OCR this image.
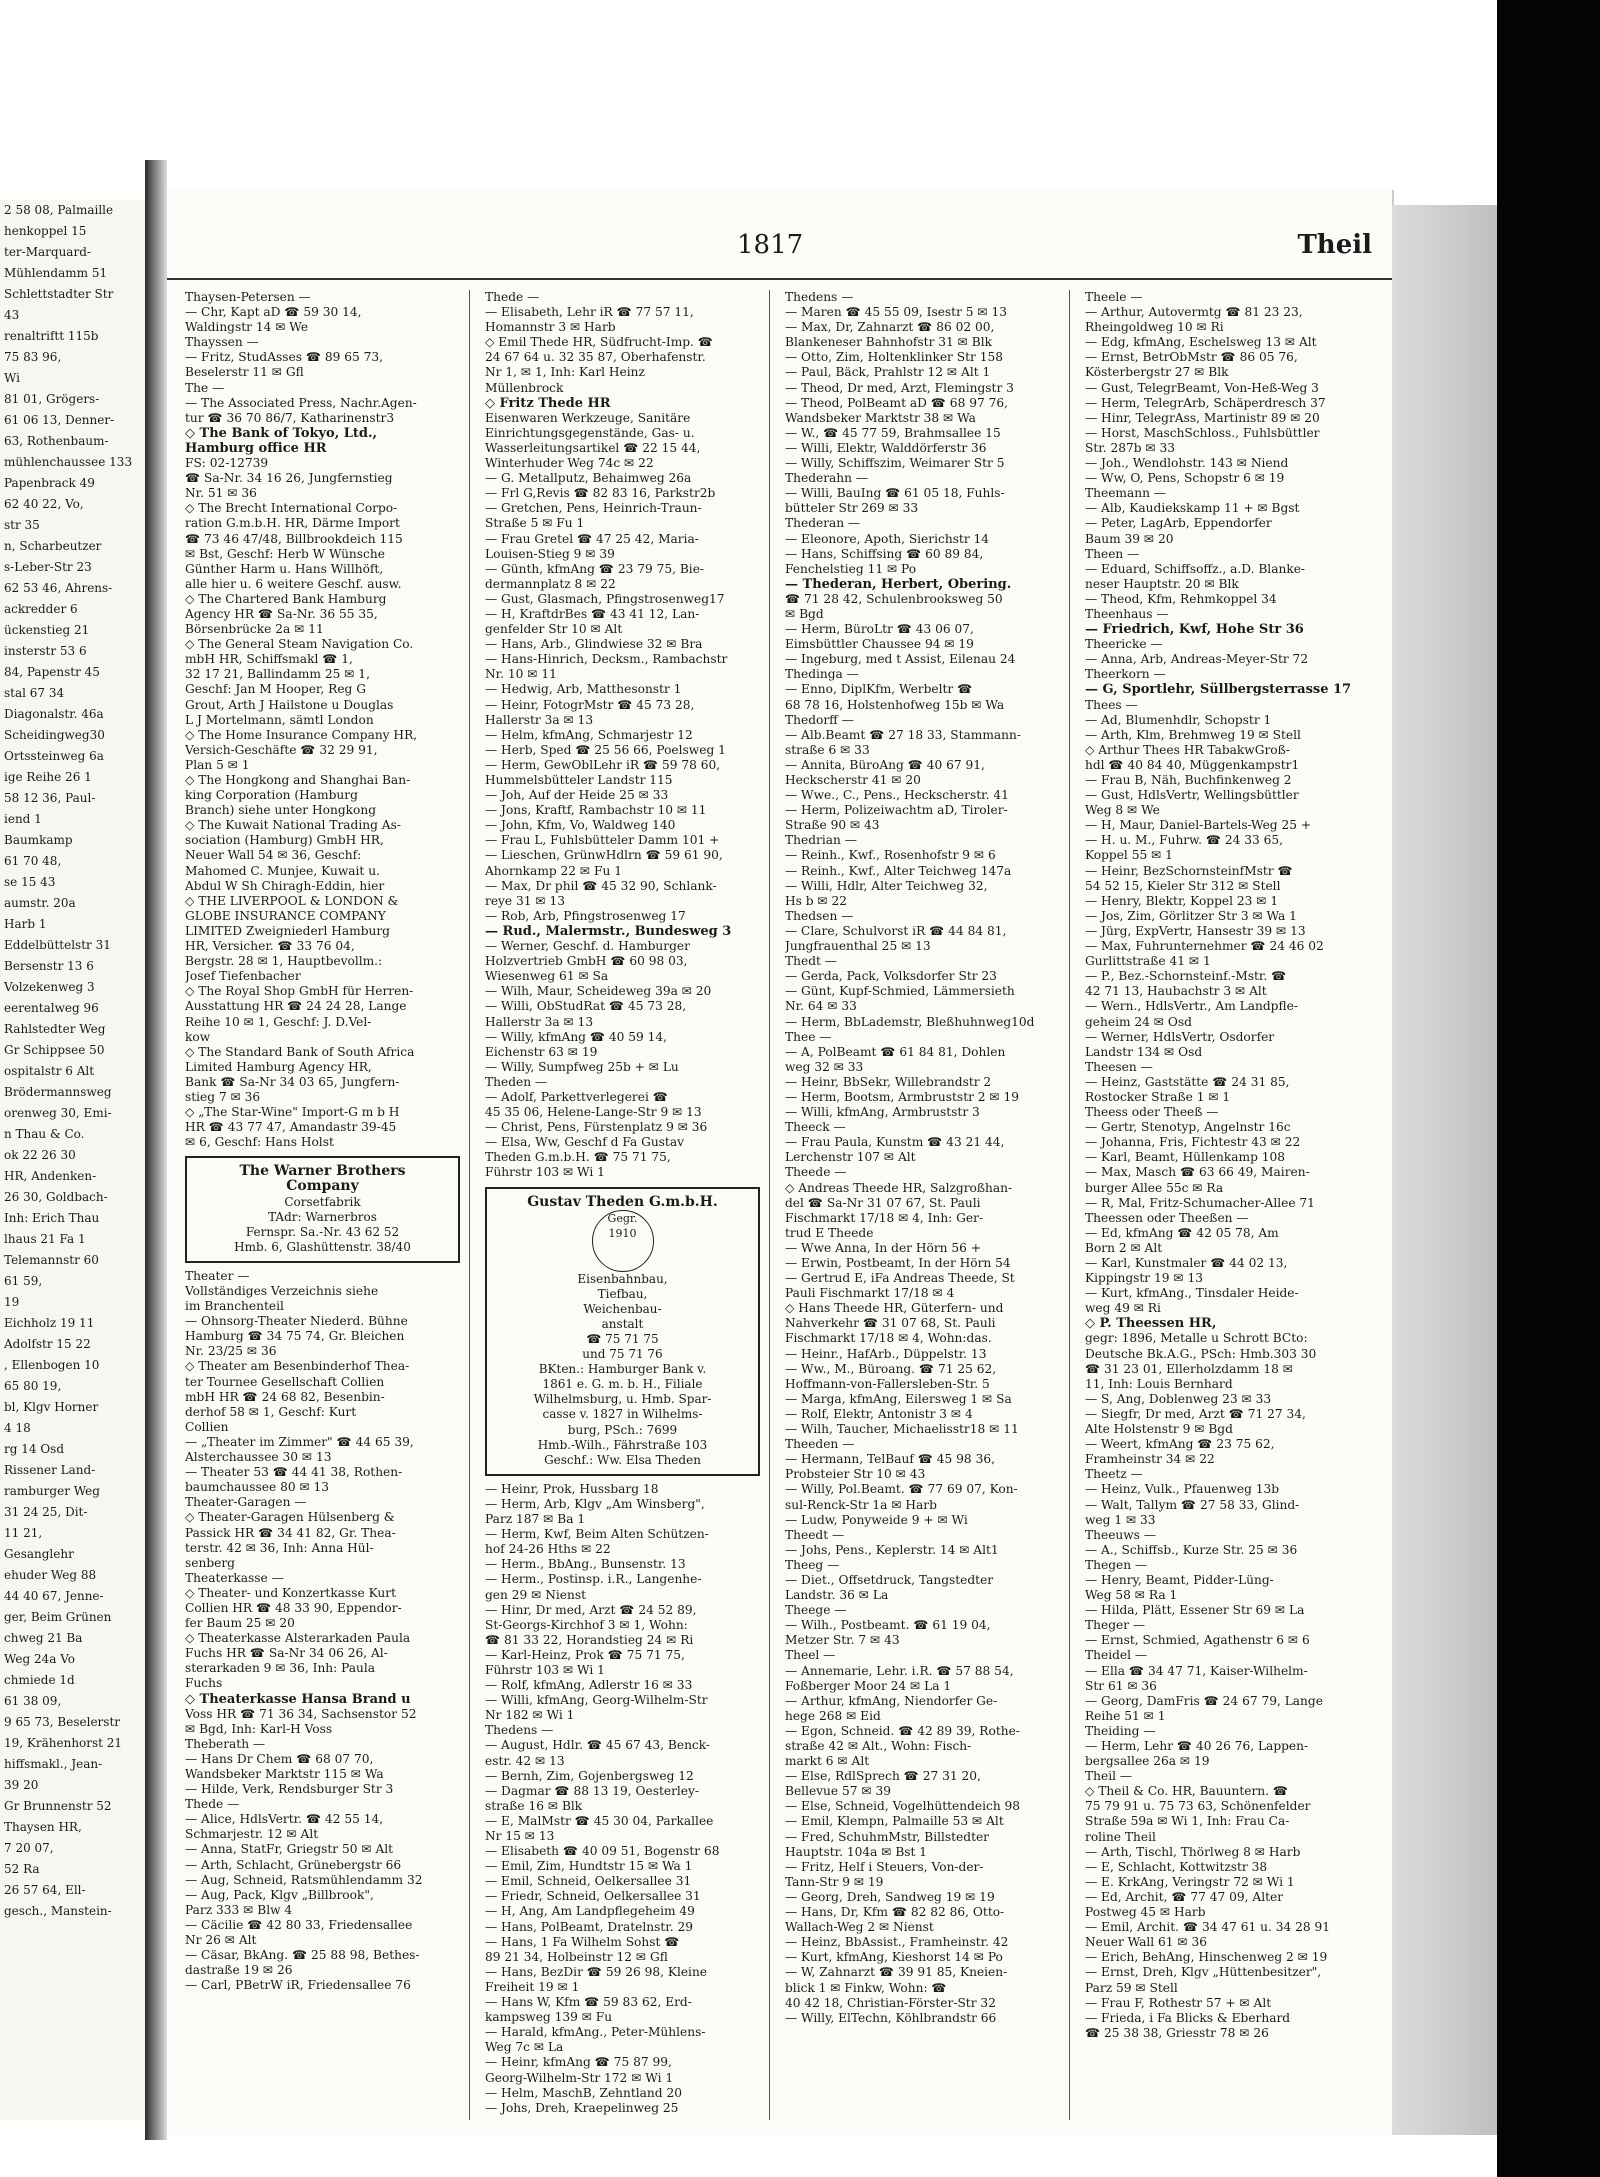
2 58 08, Palmaille
henkoppel 15
ter-Marquard-
Mühlendamm 51
Schlettstadter Str
43
renaltriftt 115b
75 83 96,
Wi
81 01, Grögers-
61 06 13, Denner-
63, Rothenbaum-
mühlenchaussee 133
Papenbrack 49
62 40 22, Vo,
str 35
n, Scharbeutzer
s-Leber-Str 23
62 53 46, Ahrens-
ackredder 6
ückenstieg 21
insterstr 53 6
84, Papenstr 45
stal 67 34
Diagonalstr. 46a
Scheidingweg30
Ortssteinweg 6a
ige Reihe 26 1
58 12 36, Paul-
iend 1
Baumkamp
61 70 48,
se 15 43
aumstr. 20a
Harb 1
Eddelbüttelstr 31
Bersenstr 13 6
Volzekenweg 3
eerentalweg 96
Rahlstedter Weg
Gr Schippsee 50
ospitalstr 6 Alt
Brödermannsweg
orenweg 30, Emi-
n Thau & Co.
ok 22 26 30
HR, Andenken-
26 30, Goldbach-
Inh: Erich Thau
lhaus 21 Fa 1
Telemannstr 60
61 59,
19
Eichholz 19 11
Adolfstr 15 22
, Ellenbogen 10
65 80 19,
bl, Klgv Horner
4 18
rg 14 Osd
Rissener Land-
ramburger Weg
31 24 25, Dit-
11 21,
Gesanglehr
ehuder Weg 88
44 40 67, Jenne-
ger, Beim Grünen
chweg 21 Ba
Weg 24a Vo
chmiede 1d
61 38 09,
9 65 73, Beselerstr
19, Krähenhorst 21
hiffsmakl., Jean-
39 20
Gr Brunnenstr 52
Thaysen HR,
7 20 07,
52 Ra
26 57 64, Ell-
gesch., Manstein-
1817	Theil
Thaysen-Petersen —
— Chr, Kapt aD ☎ 59 30 14,
Waldingstr 14 ✉ We
Thayssen —
— Fritz, StudAsses ☎ 89 65 73,
Beselerstr 11 ✉ Gfl
The —
— The Associated Press, Nachr.Agen-
tur ☎ 36 70 86/7, Katharinenstr3
◇ The Bank of Tokyo, Ltd.,
Hamburg office HR
FS: 02-12739
☎ Sa-Nr. 34 16 26, Jungfernstieg
Nr. 51 ✉ 36
◇ The Brecht International Corpo-
ration G.m.b.H. HR, Därme Import
☎ 73 46 47/48, Billbrookdeich 115
✉ Bst, Geschf: Herb W Wünsche
Günther Harm u. Hans Willhöft,
alle hier u. 6 weitere Geschf. ausw.
◇ The Chartered Bank Hamburg
Agency HR ☎ Sa-Nr. 36 55 35,
Börsenbrücke 2a ✉ 11
◇ The General Steam Navigation Co.
mbH HR, Schiffsmakl ☎ 1,
32 17 21, Ballindamm 25 ✉ 1,
Geschf: Jan M Hooper, Reg G
Grout, Arth J Hailstone u Douglas
L J Mortelmann, sämtl London
◇ The Home Insurance Company HR,
Versich-Geschäfte ☎ 32 29 91,
Plan 5 ✉ 1
◇ The Hongkong and Shanghai Ban-
king Corporation (Hamburg
Branch) siehe unter Hongkong
◇ The Kuwait National Trading As-
sociation (Hamburg) GmbH HR,
Neuer Wall 54 ✉ 36, Geschf:
Mahomed C. Munjee, Kuwait u.
Abdul W Sh Chiragh-Eddin, hier
◇ THE LIVERPOOL & LONDON &
GLOBE INSURANCE COMPANY
LIMITED Zweigniederl Hamburg
HR, Versicher. ☎ 33 76 04,
Bergstr. 28 ✉ 1, Hauptbevollm.:
Josef Tiefenbacher
◇ The Royal Shop GmbH für Herren-
Ausstattung HR ☎ 24 24 28, Lange
Reihe 10 ✉ 1, Geschf: J. D.Vel-
kow
◇ The Standard Bank of South Africa
Limited Hamburg Agency HR,
Bank ☎ Sa-Nr 34 03 65, Jungfern-
stieg 7 ✉ 36
◇ „The Star-Wine" Import-G m b H
HR ☎ 43 77 47, Amandastr 39-45
✉ 6, Geschf: Hans Holst
The Warner Brothers
Company
Corsetfabrik
TAdr: Warnerbros
Fernspr. Sa.-Nr. 43 62 52
Hmb. 6, Glashüttenstr. 38/40
Theater —
Vollständiges Verzeichnis siehe
im Branchenteil
— Ohnsorg-Theater Niederd. Bühne
Hamburg ☎ 34 75 74, Gr. Bleichen
Nr. 23/25 ✉ 36
◇ Theater am Besenbinderhof Thea-
ter Tournee Gesellschaft Collien
mbH HR ☎ 24 68 82, Besenbin-
derhof 58 ✉ 1, Geschf: Kurt
Collien
— „Theater im Zimmer" ☎ 44 65 39,
Alsterchaussee 30 ✉ 13
— Theater 53 ☎ 44 41 38, Rothen-
baumchaussee 80 ✉ 13
Theater-Garagen —
◇ Theater-Garagen Hülsenberg &
Passick HR ☎ 34 41 82, Gr. Thea-
terstr. 42 ✉ 36, Inh: Anna Hül-
senberg
Theaterkasse —
◇ Theater- und Konzertkasse Kurt
Collien HR ☎ 48 33 90, Eppendor-
fer Baum 25 ✉ 20
◇ Theaterkasse Alsterarkaden Paula
Fuchs HR ☎ Sa-Nr 34 06 26, Al-
sterarkaden 9 ✉ 36, Inh: Paula
Fuchs
◇ Theaterkasse Hansa Brand u
Voss HR ☎ 71 36 34, Sachsenstor 52
✉ Bgd, Inh: Karl-H Voss
Theberath —
— Hans Dr Chem ☎ 68 07 70,
Wandsbeker Marktstr 115 ✉ Wa
— Hilde, Verk, Rendsburger Str 3
Thede —
— Alice, HdlsVertr. ☎ 42 55 14,
Schmarjestr. 12 ✉ Alt
— Anna, StatFr, Griegstr 50 ✉ Alt
— Arth, Schlacht, Grünebergstr 66
— Aug, Schneid, Ratsmühlendamm 32
— Aug, Pack, Klgv „Billbrook",
Parz 333 ✉ Blw 4
— Cäcilie ☎ 42 80 33, Friedensallee
Nr 26 ✉ Alt
— Cäsar, BkAng. ☎ 25 88 98, Bethes-
dastraße 19 ✉ 26
— Carl, PBetrW iR, Friedensallee 76
Thede —
— Elisabeth, Lehr iR ☎ 77 57 11,
Homannstr 3 ✉ Harb
◇ Emil Thede HR, Südfrucht-Imp. ☎
24 67 64 u. 32 35 87, Oberhafenstr.
Nr 1, ✉ 1, Inh: Karl Heinz
Müllenbrock
◇ Fritz Thede HR
Eisenwaren Werkzeuge, Sanitäre
Einrichtungsgegenstände, Gas- u.
Wasserleitungsartikel ☎ 22 15 44,
Winterhuder Weg 74c ✉ 22
— G. Metallputz, Behaimweg 26a
— Frl G,Revis ☎ 82 83 16, Parkstr2b
— Gretchen, Pens, Heinrich-Traun-
Straße 5 ✉ Fu 1
— Frau Gretel ☎ 47 25 42, Maria-
Louisen-Stieg 9 ✉ 39
— Günth, kfmAng ☎ 23 79 75, Bie-
dermannplatz 8 ✉ 22
— Gust, Glasmach, Pfingstrosenweg17
— H, KraftdrBes ☎ 43 41 12, Lan-
genfelder Str 10 ✉ Alt
— Hans, Arb., Glindwiese 32 ✉ Bra
— Hans-Hinrich, Decksm., Rambachstr
Nr. 10 ✉ 11
— Hedwig, Arb, Matthesonstr 1
— Heinr, FotogrMstr ☎ 45 73 28,
Hallerstr 3a ✉ 13
— Helm, kfmAng, Schmarjestr 12
— Herb, Sped ☎ 25 56 66, Poelsweg 1
— Herm, GewOblLehr iR ☎ 59 78 60,
Hummelsbütteler Landstr 115
— Joh, Auf der Heide 25 ✉ 33
— Jons, Kraftf, Rambachstr 10 ✉ 11
— John, Kfm, Vo, Waldweg 140
— Frau L, Fuhlsbütteler Damm 101 +
— Lieschen, GrünwHdlrn ☎ 59 61 90,
Ahornkamp 22 ✉ Fu 1
— Max, Dr phil ☎ 45 32 90, Schlank-
reye 31 ✉ 13
— Rob, Arb, Pfingstrosenweg 17
— Rud., Malermstr., Bundesweg 3
— Werner, Geschf. d. Hamburger
Holzvertrieb GmbH ☎ 60 98 03,
Wiesenweg 61 ✉ Sa
— Wilh, Maur, Scheideweg 39a ✉ 20
— Willi, ObStudRat ☎ 45 73 28,
Hallerstr 3a ✉ 13
— Willy, kfmAng ☎ 40 59 14,
Eichenstr 63 ✉ 19
— Willy, Sumpfweg 25b + ✉ Lu
Theden —
— Adolf, Parkettverlegerei ☎
45 35 06, Helene-Lange-Str 9 ✉ 13
— Christ, Pens, Fürstenplatz 9 ✉ 36
— Elsa, Ww, Geschf d Fa Gustav
Theden G.m.b.H. ☎ 75 71 75,
Führstr 103 ✉ Wi 1
Gustav Theden G.m.b.H.
Gegr.
1910
Eisenbahnbau,
Tiefbau,
Weichenbau-
anstalt
☎ 75 71 75
und 75 71 76
BKten.: Hamburger Bank v.
1861 e. G. m. b. H., Filiale
Wilhelmsburg, u. Hmb. Spar-
casse v. 1827 in Wilhelms-
burg, PSch.: 7699
Hmb.-Wilh., Fährstraße 103
Geschf.: Ww. Elsa Theden
— Heinr, Prok, Hussbarg 18
— Herm, Arb, Klgv „Am Winsberg",
Parz 187 ✉ Ba 1
— Herm, Kwf, Beim Alten Schützen-
hof 24-26 Hths ✉ 22
— Herm., BbAng., Bunsenstr. 13
— Herm., Postinsp. i.R., Langenhe-
gen 29 ✉ Nienst
— Hinr, Dr med, Arzt ☎ 24 52 89,
St-Georgs-Kirchhof 3 ✉ 1, Wohn:
☎ 81 33 22, Horandstieg 24 ✉ Ri
— Karl-Heinz, Prok ☎ 75 71 75,
Führstr 103 ✉ Wi 1
— Rolf, kfmAng, Adlerstr 16 ✉ 33
— Willi, kfmAng, Georg-Wilhelm-Str
Nr 182 ✉ Wi 1
Thedens —
— August, Hdlr. ☎ 45 67 43, Benck-
estr. 42 ✉ 13
— Bernh, Zim, Gojenbergsweg 12
— Dagmar ☎ 88 13 19, Oesterley-
straße 16 ✉ Blk
— E, MalMstr ☎ 45 30 04, Parkallee
Nr 15 ✉ 13
— Elisabeth ☎ 40 09 51, Bogenstr 68
— Emil, Zim, Hundtstr 15 ✉ Wa 1
— Emil, Schneid, Oelkersallee 31
— Friedr, Schneid, Oelkersallee 31
— H, Ang, Am Landpflegeheim 49
— Hans, PolBeamt, Dratelnstr. 29
— Hans, 1 Fa Wilhelm Sohst ☎
89 21 34, Holbeinstr 12 ✉ Gfl
— Hans, BezDir ☎ 59 26 98, Kleine
Freiheit 19 ✉ 1
— Hans W, Kfm ☎ 59 83 62, Erd-
kampsweg 139 ✉ Fu
— Harald, kfmAng., Peter-Mühlens-
Weg 7c ✉ La
— Heinr, kfmAng ☎ 75 87 99,
Georg-Wilhelm-Str 172 ✉ Wi 1
— Helm, MaschB, Zehntland 20
— Johs, Dreh, Kraepelinweg 25
Thedens —
— Maren ☎ 45 55 09, Isestr 5 ✉ 13
— Max, Dr, Zahnarzt ☎ 86 02 00,
Blankeneser Bahnhofstr 31 ✉ Blk
— Otto, Zim, Holtenklinker Str 158
— Paul, Bäck, Prahlstr 12 ✉ Alt 1
— Theod, Dr med, Arzt, Flemingstr 3
— Theod, PolBeamt aD ☎ 68 97 76,
Wandsbeker Marktstr 38 ✉ Wa
— W., ☎ 45 77 59, Brahmsallee 15
— Willi, Elektr, Walddörferstr 36
— Willy, Schiffszim, Weimarer Str 5
Thederahn —
— Willi, BauIng ☎ 61 05 18, Fuhls-
bütteler Str 269 ✉ 33
Thederan —
— Eleonore, Apoth, Sierichstr 14
— Hans, Schiffsing ☎ 60 89 84,
Fenchelstieg 11 ✉ Po
— Thederan, Herbert, Obering.
☎ 71 28 42, Schulenbrooksweg 50
✉ Bgd
— Herm, BüroLtr ☎ 43 06 07,
Eimsbüttler Chaussee 94 ✉ 19
— Ingeburg, med t Assist, Eilenau 24
Thedinga —
— Enno, DiplKfm, Werbeltr ☎
68 78 16, Holstenhofweg 15b ✉ Wa
Thedorff —
— Alb.Beamt ☎ 27 18 33, Stammann-
straße 6 ✉ 33
— Annita, BüroAng ☎ 40 67 91,
Heckscherstr 41 ✉ 20
— Wwe., C., Pens., Heckscherstr. 41
— Herm, Polizeiwachtm aD, Tiroler-
Straße 90 ✉ 43
Thedrian —
— Reinh., Kwf., Rosenhofstr 9 ✉ 6
— Reinh., Kwf., Alter Teichweg 147a
— Willi, Hdlr, Alter Teichweg 32,
Hs b ✉ 22
Thedsen —
— Clare, Schulvorst iR ☎ 44 84 81,
Jungfrauenthal 25 ✉ 13
Thedt —
— Gerda, Pack, Volksdorfer Str 23
— Günt, Kupf-Schmied, Lämmersieth
Nr. 64 ✉ 33
— Herm, BbLademstr, Bleßhuhnweg10d
Thee —
— A, PolBeamt ☎ 61 84 81, Dohlen
weg 32 ✉ 33
— Heinr, BbSekr, Willebrandstr 2
— Herm, Bootsm, Armbruststr 2 ✉ 19
— Willi, kfmAng, Armbruststr 3
Theeck —
— Frau Paula, Kunstm ☎ 43 21 44,
Lerchenstr 107 ✉ Alt
Theede —
◇ Andreas Theede HR, Salzgroßhan-
del ☎ Sa-Nr 31 07 67, St. Pauli
Fischmarkt 17/18 ✉ 4, Inh: Ger-
trud E Theede
— Wwe Anna, In der Hörn 56 +
— Erwin, Postbeamt, In der Hörn 54
— Gertrud E, iFa Andreas Theede, St
Pauli Fischmarkt 17/18 ✉ 4
◇ Hans Theede HR, Güterfern- und
Nahverkehr ☎ 31 07 68, St. Pauli
Fischmarkt 17/18 ✉ 4, Wohn:das.
— Heinr., HafArb., Düppelstr. 13
— Ww., M., Büroang. ☎ 71 25 62,
Hoffmann-von-Fallersleben-Str. 5
— Marga, kfmAng, Eilersweg 1 ✉ Sa
— Rolf, Elektr, Antonistr 3 ✉ 4
— Wilh, Taucher, Michaelisstr18 ✉ 11
Theeden —
— Hermann, TelBauf ☎ 45 98 36,
Probsteier Str 10 ✉ 43
— Willy, Pol.Beamt. ☎ 77 69 07, Kon-
sul-Renck-Str 1a ✉ Harb
— Ludw, Ponyweide 9 + ✉ Wi
Theedt —
— Johs, Pens., Keplerstr. 14 ✉ Alt1
Theeg —
— Diet., Offsetdruck, Tangstedter
Landstr. 36 ✉ La
Theege —
— Wilh., Postbeamt. ☎ 61 19 04,
Metzer Str. 7 ✉ 43
Theel —
— Annemarie, Lehr. i.R. ☎ 57 88 54,
Foßberger Moor 24 ✉ La 1
— Arthur, kfmAng, Niendorfer Ge-
hege 268 ✉ Eid
— Egon, Schneid. ☎ 42 89 39, Rothe-
straße 42 ✉ Alt., Wohn: Fisch-
markt 6 ✉ Alt
— Else, RdlSprech ☎ 27 31 20,
Bellevue 57 ✉ 39
— Else, Schneid, Vogelhüttendeich 98
— Emil, Klempn, Palmaille 53 ✉ Alt
— Fred, SchuhmMstr, Billstedter
Hauptstr. 104a ✉ Bst 1
— Fritz, Helf i Steuers, Von-der-
Tann-Str 9 ✉ 19
— Georg, Dreh, Sandweg 19 ✉ 19
— Hans, Dr, Kfm ☎ 82 82 86, Otto-
Wallach-Weg 2 ✉ Nienst
— Heinz, BbAssist., Framheinstr. 42
— Kurt, kfmAng, Kieshorst 14 ✉ Po
— W, Zahnarzt ☎ 39 91 85, Kneien-
blick 1 ✉ Finkw, Wohn: ☎
40 42 18, Christian-Förster-Str 32
— Willy, ElTechn, Köhlbrandstr 66
Theele —
— Arthur, Autovermtg ☎ 81 23 23,
Rheingoldweg 10 ✉ Ri
— Edg, kfmAng, Eschelsweg 13 ✉ Alt
— Ernst, BetrObMstr ☎ 86 05 76,
Kösterbergstr 27 ✉ Blk
— Gust, TelegrBeamt, Von-Heß-Weg 3
— Herm, TelegrArb, Schäperdresch 37
— Hinr, TelegrAss, Martinistr 89 ✉ 20
— Horst, MaschSchloss., Fuhlsbüttler
Str. 287b ✉ 33
— Joh., Wendlohstr. 143 ✉ Niend
— Ww, O, Pens, Schopstr 6 ✉ 19
Theemann —
— Alb, Kaudiekskamp 11 + ✉ Bgst
— Peter, LagArb, Eppendorfer
Baum 39 ✉ 20
Theen —
— Eduard, Schiffsoffz., a.D. Blanke-
neser Hauptstr. 20 ✉ Blk
— Theod, Kfm, Rehmkoppel 34
Theenhaus —
— Friedrich, Kwf, Hohe Str 36
Theericke —
— Anna, Arb, Andreas-Meyer-Str 72
Theerkorn —
— G, Sportlehr, Süllbergsterrasse 17
Thees —
— Ad, Blumenhdlr, Schopstr 1
— Arth, Klm, Brehmweg 19 ✉ Stell
◇ Arthur Thees HR TabakwGroß-
hdl ☎ 40 84 40, Müggenkampstr1
— Frau B, Näh, Buchfinkenweg 2
— Gust, HdlsVertr, Wellingsbüttler
Weg 8 ✉ We
— H, Maur, Daniel-Bartels-Weg 25 +
— H. u. M., Fuhrw. ☎ 24 33 65,
Koppel 55 ✉ 1
— Heinr, BezSchornsteinfMstr ☎
54 52 15, Kieler Str 312 ✉ Stell
— Henry, Blektr, Koppel 23 ✉ 1
— Jos, Zim, Görlitzer Str 3 ✉ Wa 1
— Jürg, ExpVertr, Hansestr 39 ✉ 13
— Max, Fuhrunternehmer ☎ 24 46 02
Gurlittstraße 41 ✉ 1
— P., Bez.-Schornsteinf.-Mstr. ☎
42 71 13, Haubachstr 3 ✉ Alt
— Wern., HdlsVertr., Am Landpfle-
geheim 24 ✉ Osd
— Werner, HdlsVertr, Osdorfer
Landstr 134 ✉ Osd
Theesen —
— Heinz, Gaststätte ☎ 24 31 85,
Rostocker Straße 1 ✉ 1
Theess oder Theeß —
— Gertr, Stenotyp, Angelnstr 16c
— Johanna, Fris, Fichtestr 43 ✉ 22
— Karl, Beamt, Hüllenkamp 108
— Max, Masch ☎ 63 66 49, Mairen-
burger Allee 55c ✉ Ra
— R, Mal, Fritz-Schumacher-Allee 71
Theessen oder Theeßen —
— Ed, kfmAng ☎ 42 05 78, Am
Born 2 ✉ Alt
— Karl, Kunstmaler ☎ 44 02 13,
Kippingstr 19 ✉ 13
— Kurt, kfmAng., Tinsdaler Heide-
weg 49 ✉ Ri
◇ P. Theessen HR,
gegr: 1896, Metalle u Schrott BCto:
Deutsche Bk.A.G., PSch: Hmb.303 30
☎ 31 23 01, Ellerholzdamm 18 ✉
11, Inh: Louis Bernhard
— S, Ang, Doblenweg 23 ✉ 33
— Siegfr, Dr med, Arzt ☎ 71 27 34,
Alte Holstenstr 9 ✉ Bgd
— Weert, kfmAng ☎ 23 75 62,
Framheinstr 34 ✉ 22
Theetz —
— Heinz, Vulk., Pfauenweg 13b
— Walt, Tallym ☎ 27 58 33, Glind-
weg 1 ✉ 33
Theeuws —
— A., Schiffsb., Kurze Str. 25 ✉ 36
Thegen —
— Henry, Beamt, Pidder-Lüng-
Weg 58 ✉ Ra 1
— Hilda, Plätt, Essener Str 69 ✉ La
Theger —
— Ernst, Schmied, Agathenstr 6 ✉ 6
Theidel —
— Ella ☎ 34 47 71, Kaiser-Wilhelm-
Str 61 ✉ 36
— Georg, DamFris ☎ 24 67 79, Lange
Reihe 51 ✉ 1
Theiding —
— Herm, Lehr ☎ 40 26 76, Lappen-
bergsallee 26a ✉ 19
Theil —
◇ Theil & Co. HR, Bauuntern. ☎
75 79 91 u. 75 73 63, Schönenfelder
Straße 59a ✉ Wi 1, Inh: Frau Ca-
roline Theil
— Arth, Tischl, Thörlweg 8 ✉ Harb
— E, Schlacht, Kottwitzstr 38
— E. KrkAng, Veringstr 72 ✉ Wi 1
— Ed, Archit, ☎ 77 47 09, Alter
Postweg 45 ✉ Harb
— Emil, Archit. ☎ 34 47 61 u. 34 28 91
Neuer Wall 61 ✉ 36
— Erich, BehAng, Hinschenweg 2 ✉ 19
— Ernst, Dreh, Klgv „Hüttenbesitzer",
Parz 59 ✉ Stell
— Frau F, Rothestr 57 + ✉ Alt
— Frieda, i Fa Blicks & Eberhard
☎ 25 38 38, Griesstr 78 ✉ 26
